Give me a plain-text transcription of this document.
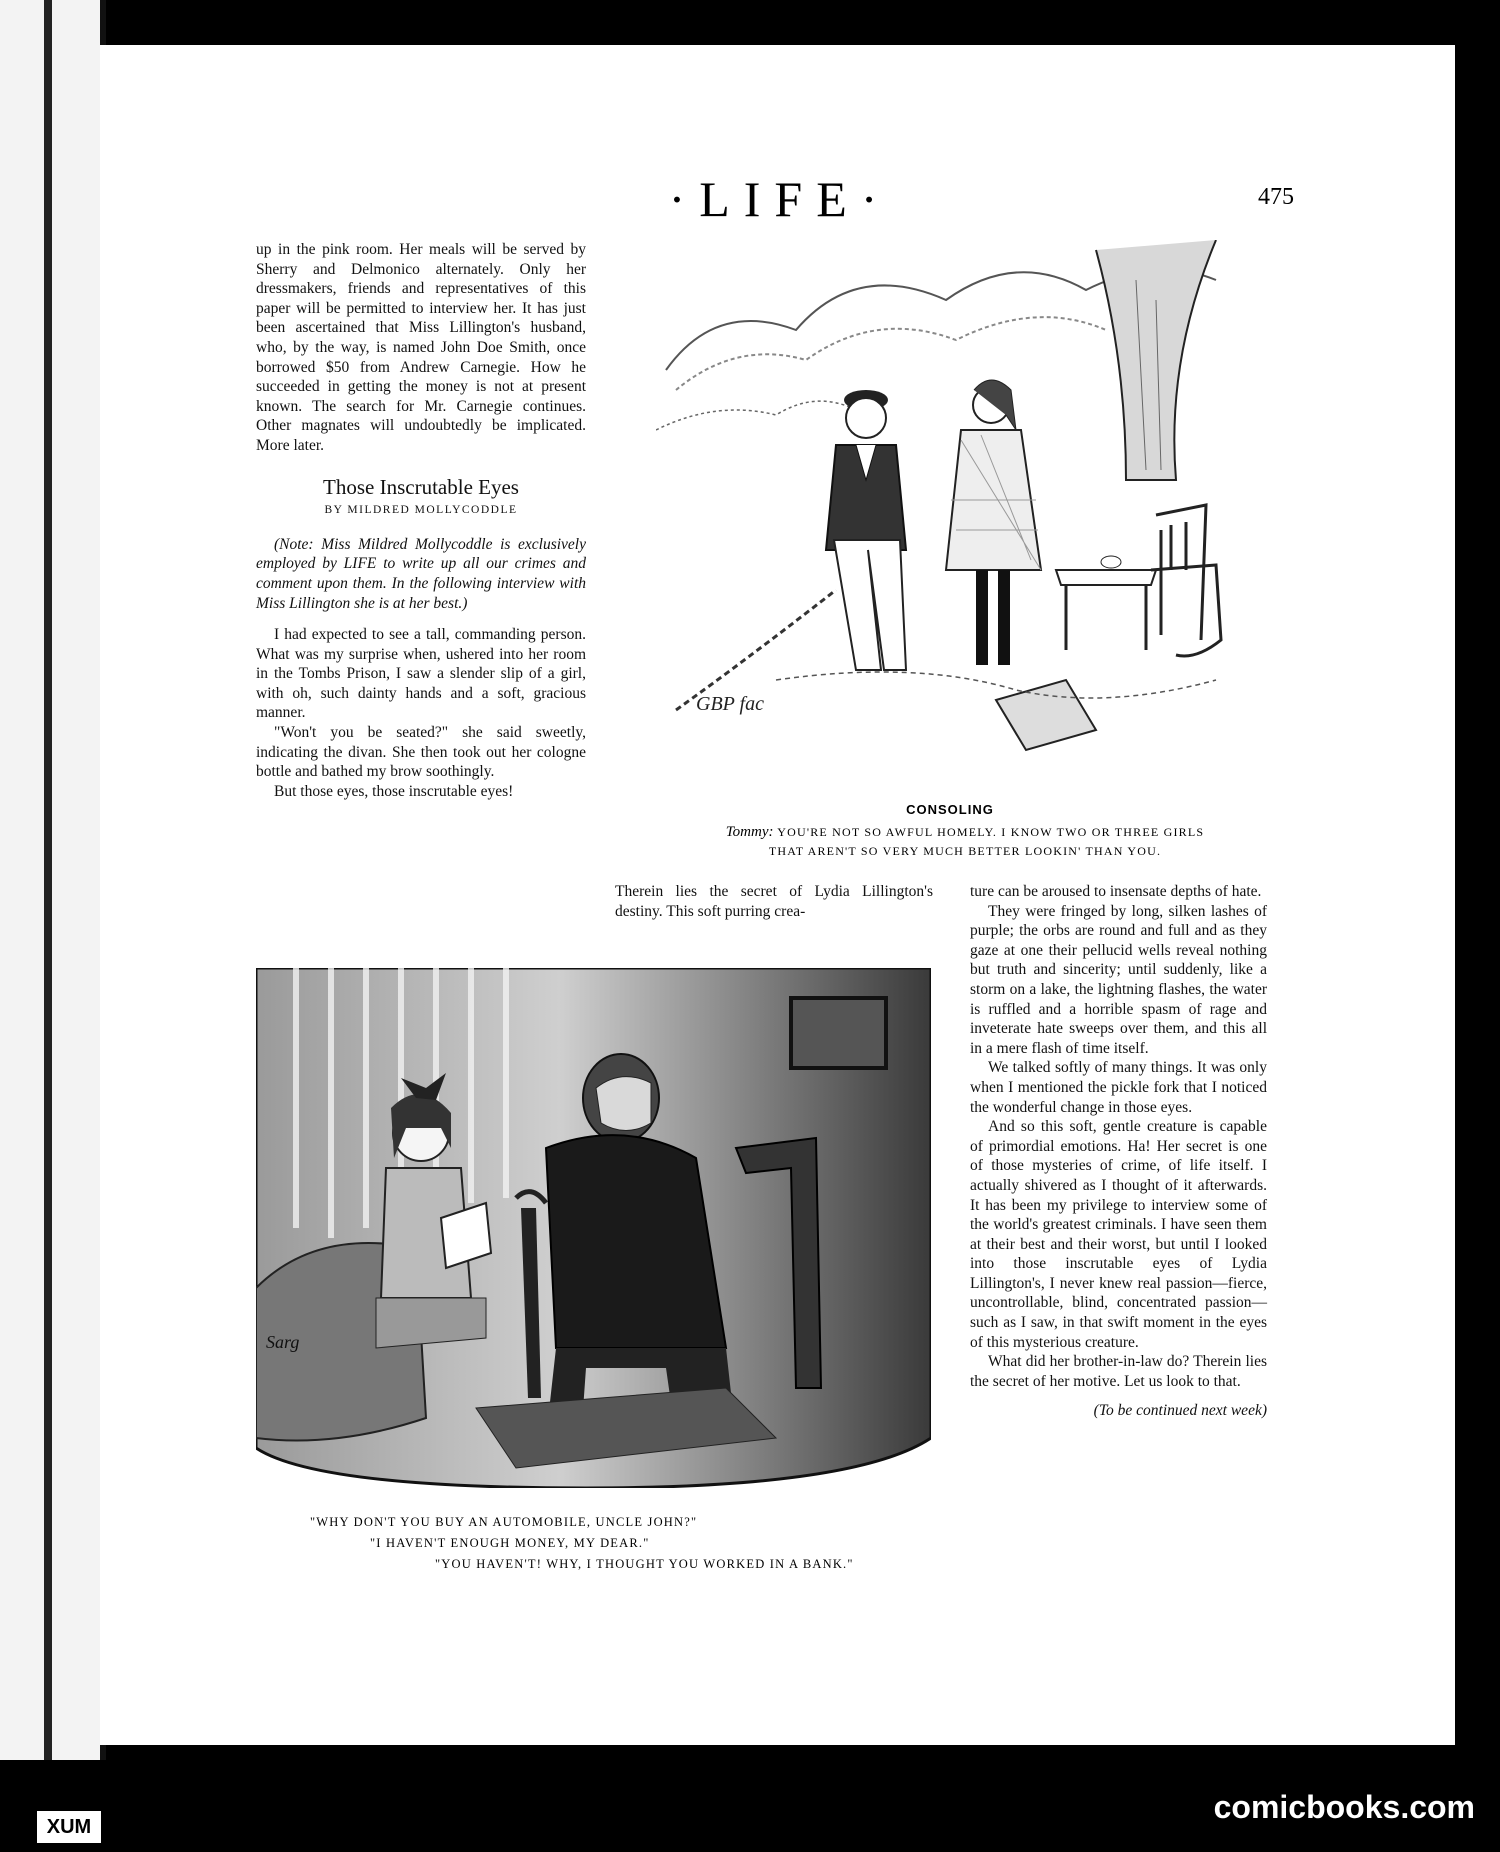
·LIFE·	475

up in the pink room. Her meals will be served by Sherry and Delmonico alternately. Only her dressmakers, friends and representatives of this paper will be permitted to interview her. It has just been ascertained that Miss Lillington's husband, who, by the way, is named John Doe Smith, once borrowed $50 from Andrew Carnegie. How he succeeded in getting the money is not at present known. The search for Mr. Carnegie continues. Other magnates will undoubtedly be implicated. More later.

Those Inscrutable Eyes
BY MILDRED MOLLYCODDLE

(Note: Miss Mildred Mollycoddle is exclusively employed by LIFE to write up all our crimes and comment upon them. In the following interview with Miss Lillington she is at her best.)

I had expected to see a tall, commanding person. What was my surprise when, ushered into her room in the Tombs Prison, I saw a slender slip of a girl, with oh, such dainty hands and a soft, gracious manner.

"Won't you be seated?" she said sweetly, indicating the divan. She then took out her cologne bottle and bathed my brow soothingly.

But those eyes, those inscrutable eyes!

GBP fac
CONSOLING
Tommy: YOU'RE NOT SO AWFUL HOMELY. I KNOW TWO OR THREE GIRLS
THAT AREN'T SO VERY MUCH BETTER LOOKIN' THAN YOU.

Therein lies the secret of Lydia Lillington's destiny. This soft purring crea-

ture can be aroused to insensate depths of hate.

They were fringed by long, silken lashes of purple; the orbs are round and full and as they gaze at one their pellucid wells reveal nothing but truth and sincerity; until suddenly, like a storm on a lake, the lightning flashes, the water is ruffled and a horrible spasm of rage and inveterate hate sweeps over them, and this all in a mere flash of time itself.

We talked softly of many things. It was only when I mentioned the pickle fork that I noticed the wonderful change in those eyes.

And so this soft, gentle creature is capable of primordial emotions. Ha! Her secret is one of those mysteries of crime, of life itself. I actually shivered as I thought of it afterwards. It has been my privilege to interview some of the world's greatest criminals. I have seen them at their best and their worst, but until I looked into those inscrutable eyes of Lydia Lillington's, I never knew real passion—fierce, uncontrollable, blind, concentrated passion—such as I saw, in that swift moment in the eyes of this mysterious creature.

What did her brother-in-law do? Therein lies the secret of her motive. Let us look to that.

(To be continued next week)
Sarg
"WHY DON'T YOU BUY AN AUTOMOBILE, UNCLE JOHN?"
"I HAVEN'T ENOUGH MONEY, MY DEAR."
"YOU HAVEN'T! WHY, I THOUGHT YOU WORKED IN A BANK."
XUM
comicbooks.com
